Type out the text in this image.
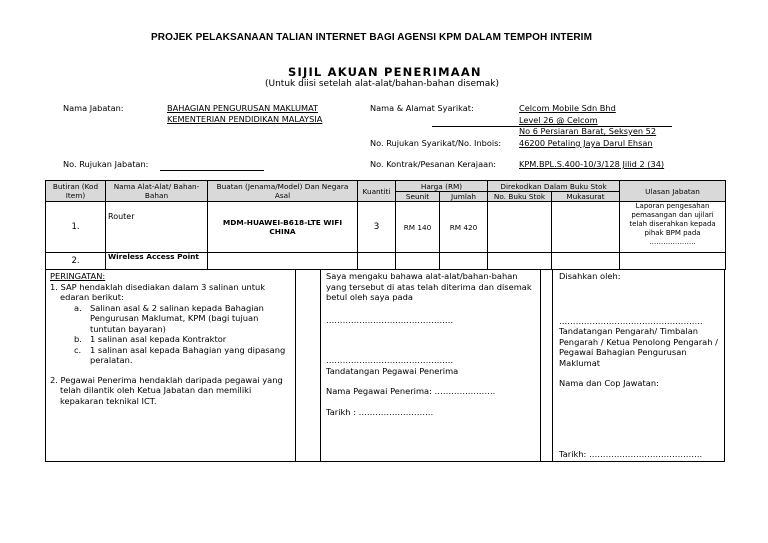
PROJEK PELAKSANAAN TALIAN INTERNET BAGI AGENSI KPM DALAM TEMPOH INTERIM
SIJIL AKUAN PENERIMAAN
(Untuk diisi setelah alat-alat/bahan-bahan disemak)
Nama Jabatan:	BAHAGIAN PENGURUSAN MAKLUMAT
KEMENTERIAN PENDIDIKAN MALAYSIA
No. Rujukan Jabatan:
Nama & Alamat Syarikat:	Celcom Mobile Sdn Bhd
Level 26 @ Celcom
No 6 Persiaran Barat, Seksyen 52
No. Rujukan Syarikat/No. Inbois:	46200 Petaling Jaya Darul Ehsan
No. Kontrak/Pesanan Kerajaan:	KPM.BPL.S.400-10/3/128 Jilid 2 (34)
Butiran (Kod Item)	Nama Alat-Alat/ Bahan-Bahan	Buatan (Jenama/Model) Dan Negara Asal	Kuantiti	Harga (RM)		Direkodkan Dalam Buku Stok		Ulasan Jabatan
				Seunit	Jumlah	No. Buku Stok	Mukasurat	
1.	Router	MDM-HUAWEI-B618-LTE WIFI CHINA	3	RM 140	RM 420			Laporan pengesahan pemasangan dan ujilari telah diserahkan kepada pihak BPM pada ………………..
2.	Wireless Access Point							

PERINGATAN:

1. SAP hendaklah disediakan dalam 3 salinan untuk edaran berikut:

a. Salinan asal & 2 salinan kepada Bahagian Pengurusan Maklumat, KPM (bagi tujuan tuntutan bayaran)
b. 1 salinan asal kepada Kontraktor
c.	1 salinan asal kepada Bahagian yang dipasang peralatan.

2. Pegawai Penerima hendaklah daripada pegawai yang telah dilantik oleh Ketua Jabatan dan memiliki kepakaran teknikal ICT.

Saya mengaku bahawa alat-alat/bahan-bahan yang tersebut di atas telah diterima dan disemak betul oleh saya pada

……………………………………….

……………………………………….

Tandatangan Pegawai Penerima

Nama Pegawai Penerima: ………………….

Tarikh : ………………………

Disahkan oleh:

…………………………………………….

Tandatangan Pengarah/ Timbalan Pengarah / Ketua Penolong Pengarah / Pegawai Bahagian Pengurusan Maklumat

Nama dan Cop Jawatan:

Tarikh: …………………………………..
